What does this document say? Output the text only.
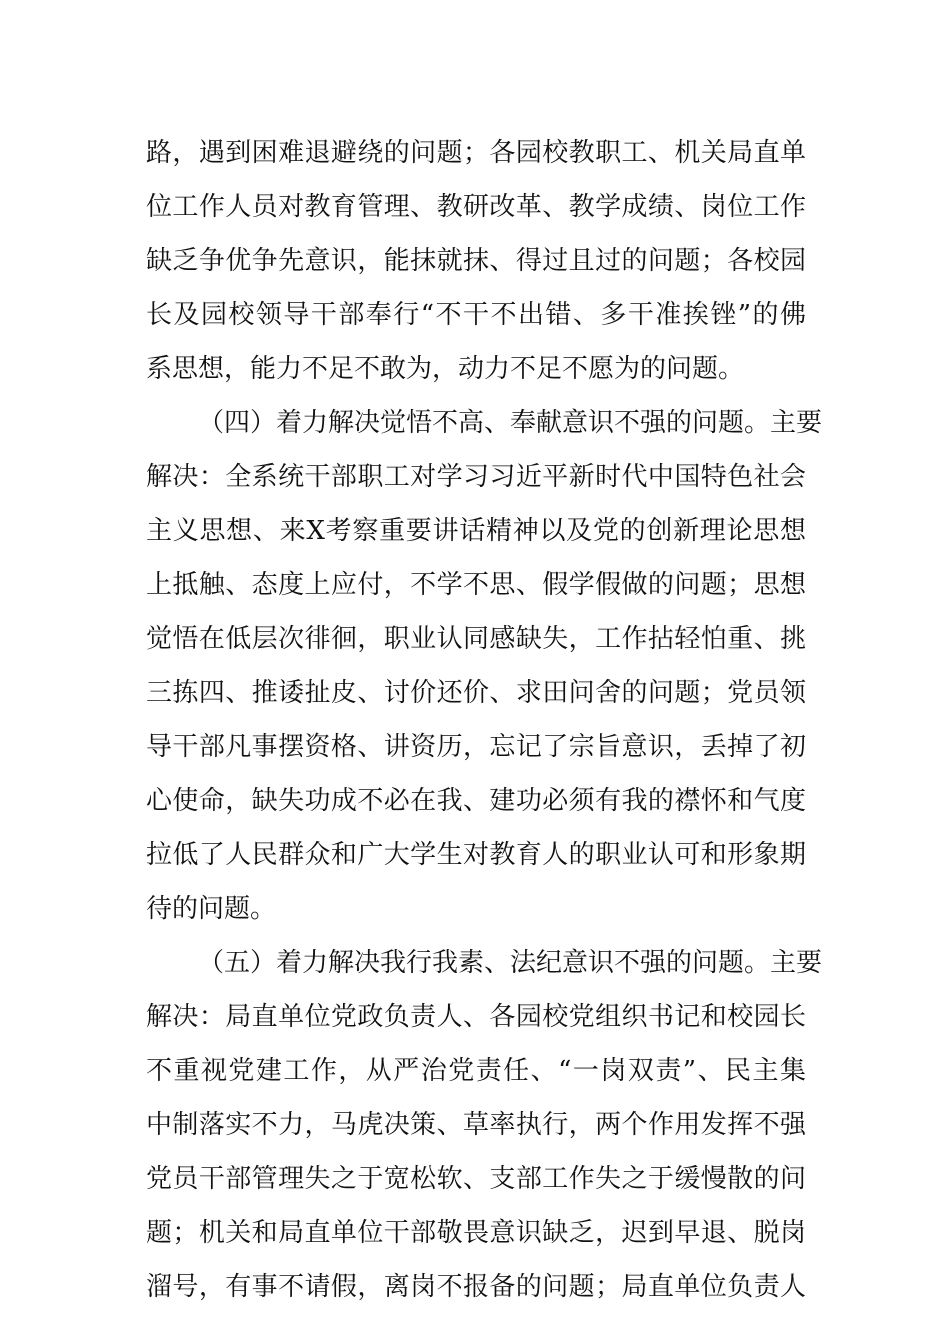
路，遇到困难退避绕的问题；各园校教职工、机关局直单
位工作人员对教育管理、教研改革、教学成绩、岗位工作
缺乏争优争先意识，能抹就抹、得过且过的问题；各校园
长及园校领导干部奉行“不干不出错、多干准挨锉”的佛
系思想，能力不足不敢为，动力不足不愿为的问题。
（四）着力解决觉悟不高、奉献意识不强的问题。主要
解决：全系统干部职工对学习习近平新时代中国特色社会
主义思想、来X考察重要讲话精神以及党的创新理论思想
上抵触、态度上应付，不学不思、假学假做的问题；思想
觉悟在低层次徘徊，职业认同感缺失，工作拈轻怕重、挑
三拣四、推诿扯皮、讨价还价、求田问舍的问题；党员领
导干部凡事摆资格、讲资历，忘记了宗旨意识，丢掉了初
心使命，缺失功成不必在我、建功必须有我的襟怀和气度
拉低了人民群众和广大学生对教育人的职业认可和形象期
待的问题。
（五）着力解决我行我素、法纪意识不强的问题。主要
解决：局直单位党政负责人、各园校党组织书记和校园长
不重视党建工作，从严治党责任、“一岗双责”、民主集
中制落实不力，马虎决策、草率执行，两个作用发挥不强
党员干部管理失之于宽松软、支部工作失之于缓慢散的问
题；机关和局直单位干部敬畏意识缺乏，迟到早退、脱岗
溜号，有事不请假，离岗不报备的问题；局直单位负责人
